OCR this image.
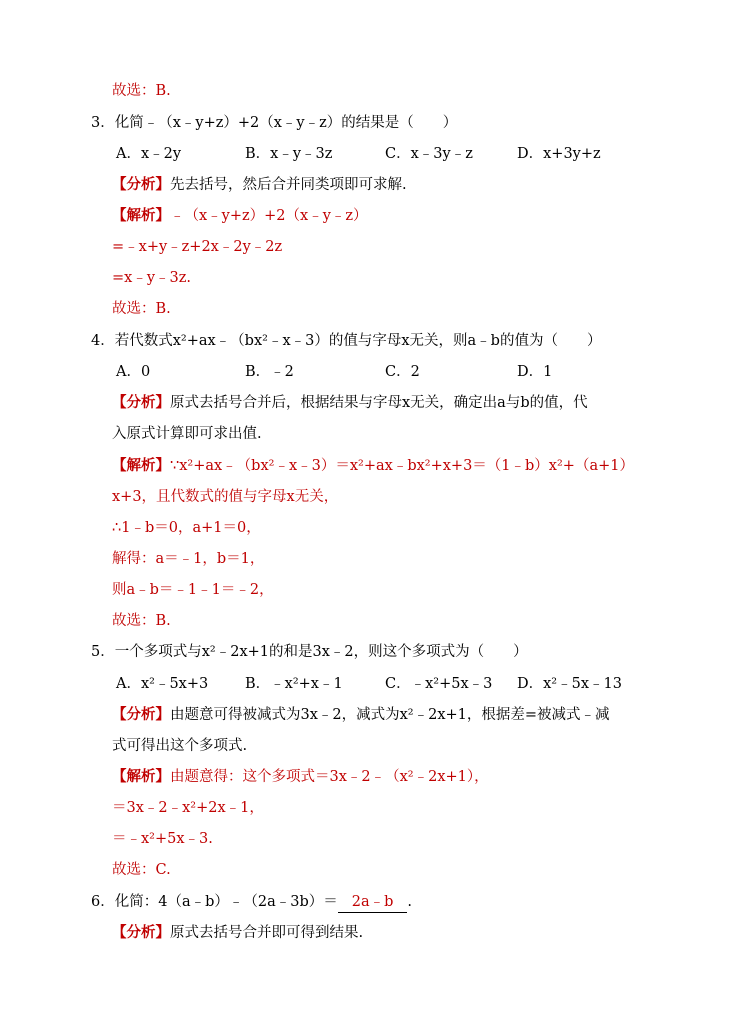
故选：B.
3．化简﹣（x﹣y+z）+2（x﹣y﹣z）的结果是（　　）
A．x﹣2y	B．x﹣y﹣3z	C．x﹣3y﹣z	D．x+3y+z
【分析】先去括号，然后合并同类项即可求解.
【解析】﹣（x﹣y+z）+2（x﹣y﹣z）
=﹣x+y﹣z+2x﹣2y﹣2z
=x﹣y﹣3z.
故选：B.
4．若代数式x²+ax﹣（bx²﹣x﹣3）的值与字母x无关，则a﹣b的值为（　　）
A．0	B．﹣2	C．2	D．1
【分析】原式去括号合并后，根据结果与字母x无关，确定出a与b的值，代
入原式计算即可求出值.
【解析】∵x²+ax﹣（bx²﹣x﹣3）＝x²+ax﹣bx²+x+3＝（1﹣b）x²+（a+1）
x+3，且代数式的值与字母x无关，
∴1﹣b＝0，a+1＝0，
解得：a＝﹣1，b＝1，
则a﹣b＝﹣1﹣1＝﹣2，
故选：B.
5．一个多项式与x²﹣2x+1的和是3x﹣2，则这个多项式为（　　）
A．x²﹣5x+3	B．﹣x²+x﹣1	C．﹣x²+5x﹣3 D．x²﹣5x﹣13
【分析】由题意可得被减式为3x﹣2，减式为x²﹣2x+1，根据差=被减式﹣减
式可得出这个多项式.
【解析】由题意得：这个多项式＝3x﹣2﹣（x²﹣2x+1），
＝3x﹣2﹣x²+2x﹣1，
＝﹣x²+5x﹣3.
故选：C.
6．化简：4（a﹣b）﹣（2a﹣3b）＝ 2a﹣b .
【分析】原式去括号合并即可得到结果.
